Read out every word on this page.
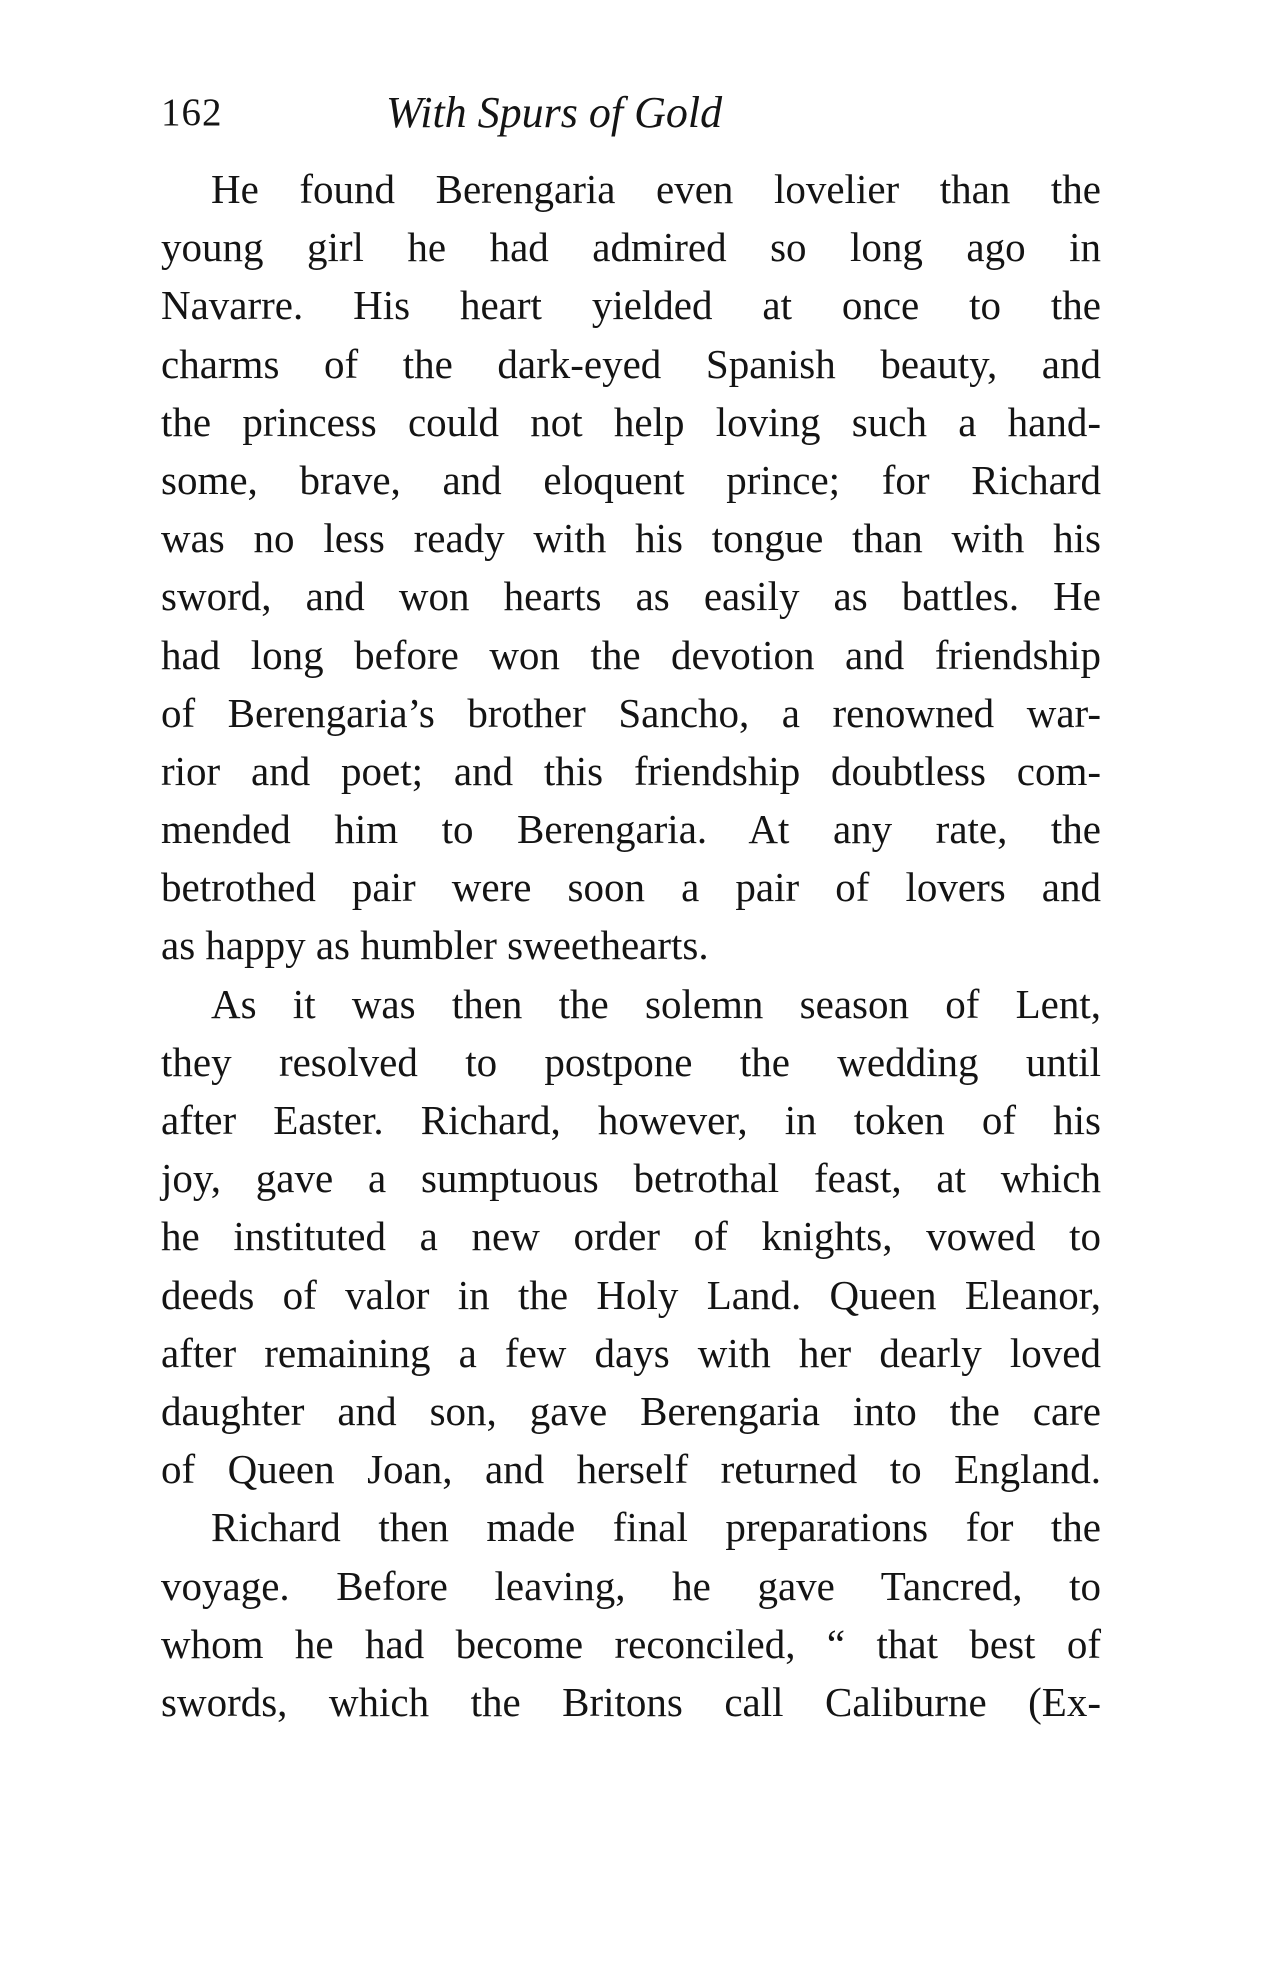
162	With Spurs of Gold
He found Berengaria even lovelier than the
young girl he had admired so long ago in
Navarre. His heart yielded at once to the
charms of the dark-eyed Spanish beauty, and
the princess could not help loving such a hand-
some, brave, and eloquent prince; for Richard
was no less ready with his tongue than with his
sword, and won hearts as easily as battles. He
had long before won the devotion and friendship
of Berengaria’s brother Sancho, a renowned war-
rior and poet; and this friendship doubtless com-
mended him to Berengaria. At any rate, the
betrothed pair were soon a pair of lovers and
as happy as humbler sweethearts.
As it was then the solemn season of Lent,
they resolved to postpone the wedding until
after Easter. Richard, however, in token of his
joy, gave a sumptuous betrothal feast, at which
he instituted a new order of knights, vowed to
deeds of valor in the Holy Land. Queen Eleanor,
after remaining a few days with her dearly loved
daughter and son, gave Berengaria into the care
of Queen Joan, and herself returned to England.
Richard then made final preparations for the
voyage. Before leaving, he gave Tancred, to
whom he had become reconciled, “ that best of
swords, which the Britons call Caliburne (Ex-
